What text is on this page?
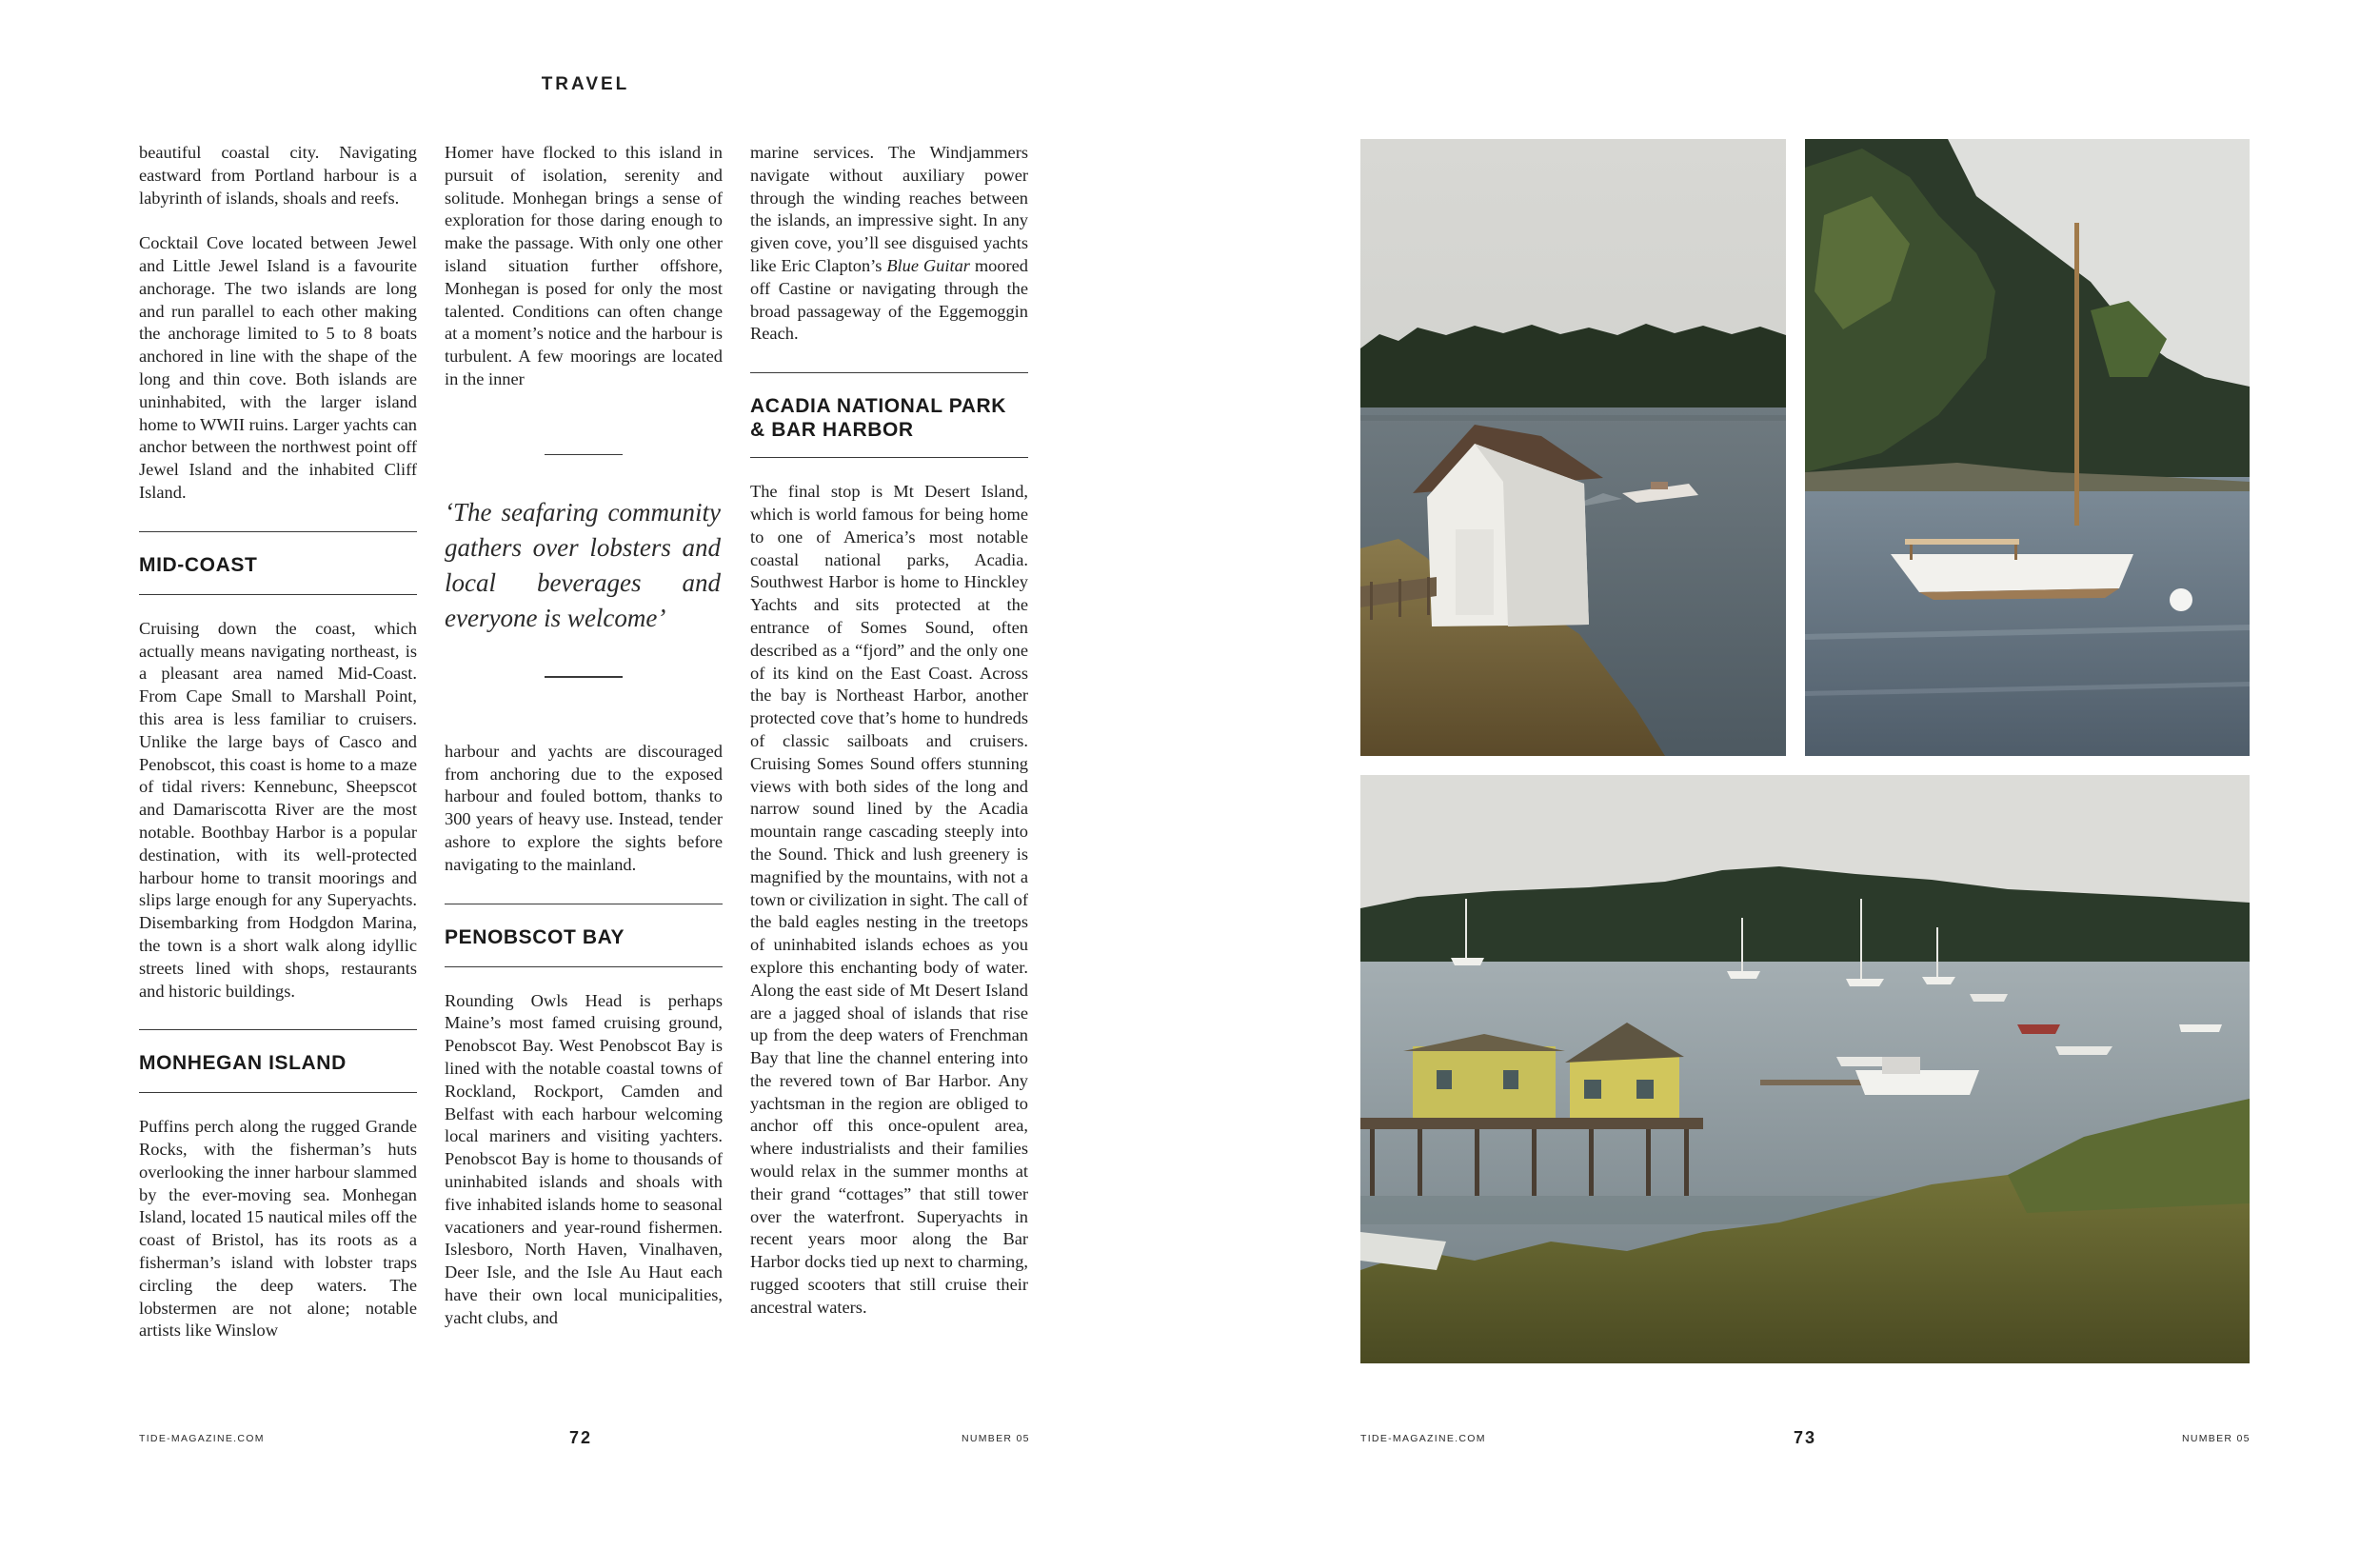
TRAVEL

beautiful coastal city. Navigating eastward from Portland harbour is a labyrinth of islands, shoals and reefs.

Cocktail Cove located between Jewel and Little Jewel Island is a favourite anchorage. The two islands are long and run parallel to each other making the anchorage limited to 5 to 8 boats anchored in line with the shape of the long and thin cove. Both islands are uninhabited, with the larger island home to WWII ruins. Larger yachts can anchor between the northwest point off Jewel Island and the inhabited Cliff Island.

MID-COAST

Cruising down the coast, which actually means navigating northeast, is a pleasant area named Mid-Coast. From Cape Small to Marshall Point, this area is less familiar to cruisers. Unlike the large bays of Casco and Penobscot, this coast is home to a maze of tidal rivers: Kennebunc, Sheepscot and Damariscotta River are the most notable. Boothbay Harbor is a popular destination, with its well-protected harbour home to transit moorings and slips large enough for any Superyachts. Disembarking from Hodgdon Marina, the town is a short walk along idyllic streets lined with shops, restaurants and historic buildings.

MONHEGAN ISLAND

Puffins perch along the rugged Grande Rocks, with the fisherman’s huts overlooking the inner harbour slammed by the ever-moving sea. Monhegan Island, located 15 nautical miles off the coast of Bristol, has its roots as a fisherman’s island with lobster traps circling the deep waters. The lobstermen are not alone; notable artists like Winslow

Homer have flocked to this island in pursuit of isolation, serenity and solitude. Monhegan brings a sense of exploration for those daring enough to make the passage. With only one other island situation further offshore, Monhegan is posed for only the most talented. Conditions can often change at a moment’s notice and the harbour is turbulent. A few moorings are located in the inner

‘The seafaring community gathers over lobsters and local beverages and everyone is welcome’

harbour and yachts are discouraged from anchoring due to the exposed harbour and fouled bottom, thanks to 300 years of heavy use. Instead, tender ashore to explore the sights before navigating to the mainland.

PENOBSCOT BAY

Rounding Owls Head is perhaps Maine’s most famed cruising ground, Penobscot Bay. West Penobscot Bay is lined with the notable coastal towns of Rockland, Rockport, Camden and Belfast with each harbour welcoming local mariners and visiting yachters. Penobscot Bay is home to thousands of uninhabited islands and shoals with five inhabited islands home to seasonal vacationers and year-round fishermen. Islesboro, North Haven, Vinalhaven, Deer Isle, and the Isle Au Haut each have their own local municipalities, yacht clubs, and

marine services. The Windjammers navigate without auxiliary power through the winding reaches between the islands, an impressive sight. In any given cove, you’ll see disguised yachts like Eric Clapton’s Blue Guitar moored off Castine or navigating through the broad passageway of the Eggemoggin Reach.

ACADIA NATIONAL PARK
& BAR HARBOR

The final stop is Mt Desert Island, which is world famous for being home to one of America’s most notable coastal national parks, Acadia. Southwest Harbor is home to Hinckley Yachts and sits protected at the entrance of Somes Sound, often described as a “fjord” and the only one of its kind on the East Coast. Across the bay is Northeast Harbor, another protected cove that’s home to hundreds of classic sailboats and cruisers. Cruising Somes Sound offers stunning views with both sides of the long and narrow sound lined by the Acadia mountain range cascading steeply into the Sound. Thick and lush greenery is magnified by the mountains, with not a town or civilization in sight. The call of the bald eagles nesting in the treetops of uninhabited islands echoes as you explore this enchanting body of water. Along the east side of Mt Desert Island are a jagged shoal of islands that rise up from the deep waters of Frenchman Bay that line the channel entering into the revered town of Bar Harbor. Any yachtsman in the region are obliged to anchor off this once-opulent area, where industrialists and their families would relax in the summer months at their grand “cottages” that still tower over the waterfront. Superyachts in recent years moor along the Bar Harbor docks tied up next to charming, rugged scooters that still cruise their ancestral waters.

TIDE-MAGAZINE.COM	72	NUMBER 05	TIDE-MAGAZINE.COM	73	NUMBER 05
